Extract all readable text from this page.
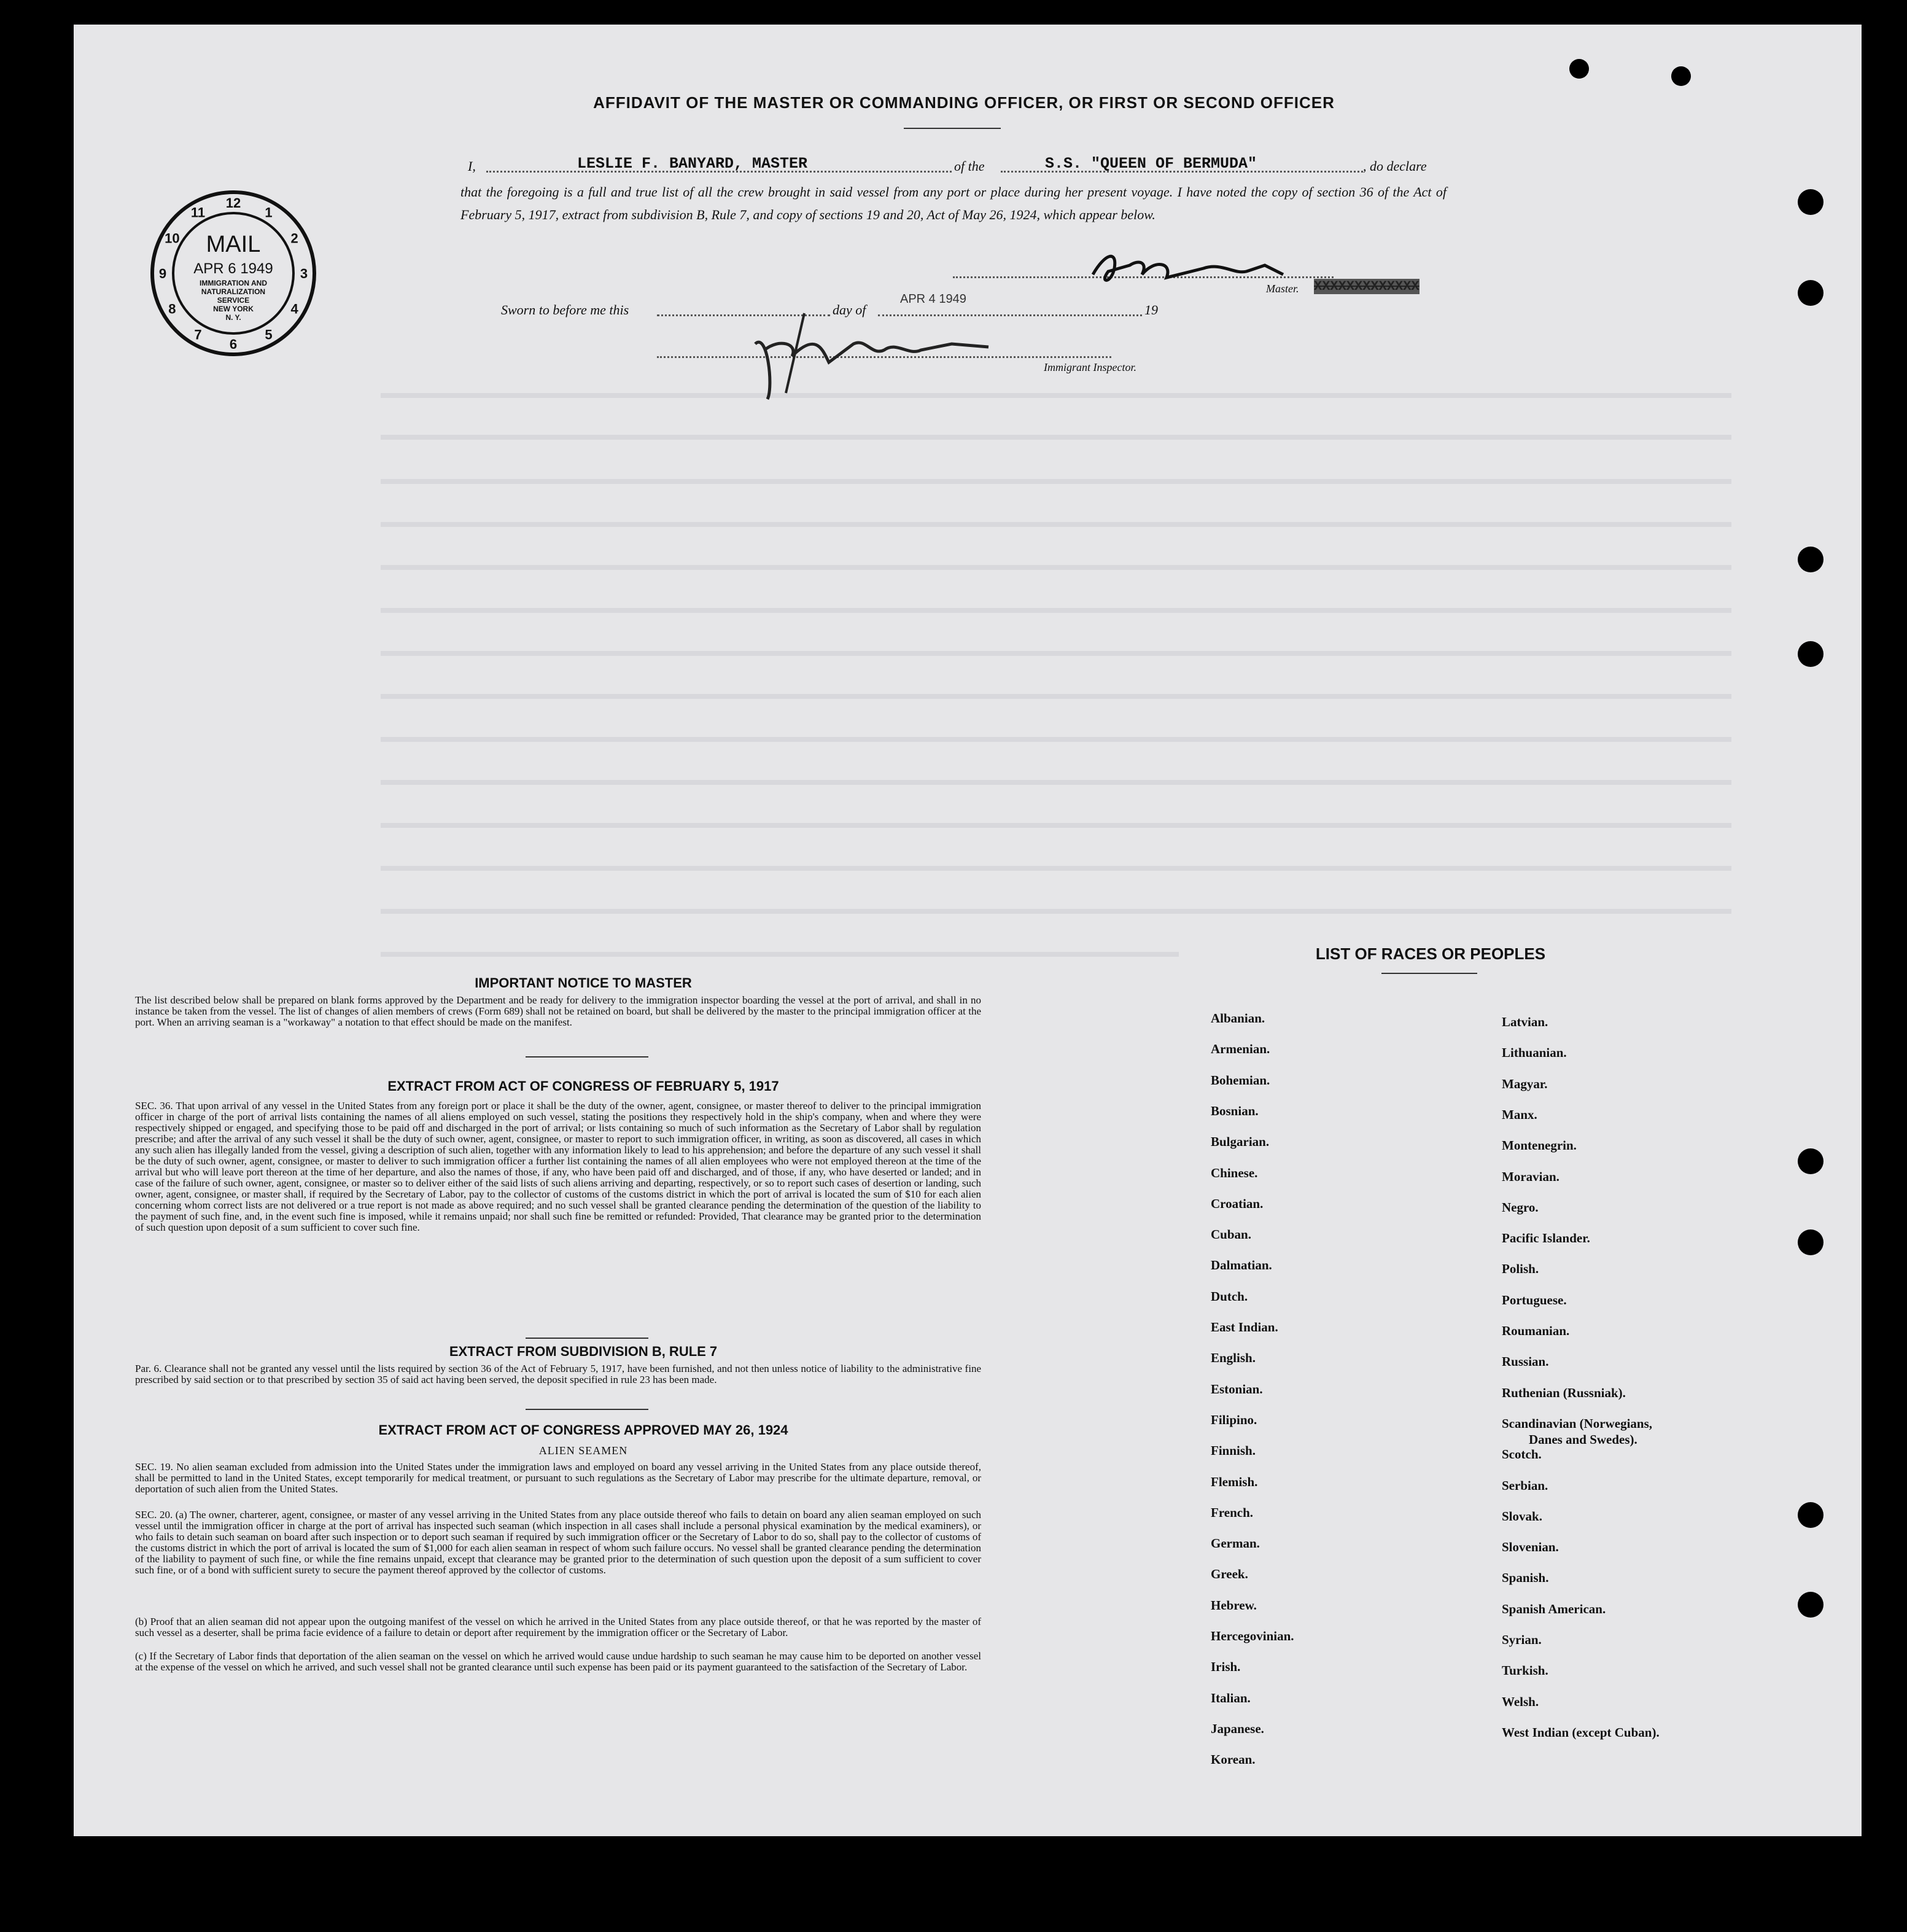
AFFIDAVIT OF THE MASTER OR COMMANDING OFFICER, OR FIRST OR SECOND OFFICER
I,	LESLIE F. BANYARD, MASTER	of the	S.S. "QUEEN OF BERMUDA"	, do declare
that the foregoing is a full and true list of all the crew brought in said vessel from any port or place during her present voyage. I have noted the copy of section 36 of the Act of February 5, 1917, extract from subdivision B, Rule 7, and copy of sections 19 and 20, Act of May 26, 1924, which appear below.
Master. XXXXXXXXXXXXX
Sworn to before me this	day of
APR 4 1949
19
Immigrant Inspector.
1
2
3
4
5
6
7
8
9
10
11
12
MAIL
APR 6 1949
IMMIGRATION AND
NATURALIZATION
SERVICE
NEW YORK
N. Y.
IMPORTANT NOTICE TO MASTER
The list described below shall be prepared on blank forms approved by the Department and be ready for delivery to the immigration inspector boarding the vessel at the port of arrival, and shall in no instance be taken from the vessel. The list of changes of alien members of crews (Form 689) shall not be retained on board, but shall be delivered by the master to the principal immigration officer at the port. When an arriving seaman is a "workaway" a notation to that effect should be made on the manifest.
EXTRACT FROM ACT OF CONGRESS OF FEBRUARY 5, 1917
SEC. 36. That upon arrival of any vessel in the United States from any foreign port or place it shall be the duty of the owner, agent, consignee, or master thereof to deliver to the principal immigration officer in charge of the port of arrival lists containing the names of all aliens employed on such vessel, stating the positions they respectively hold in the ship's company, when and where they were respectively shipped or engaged, and specifying those to be paid off and discharged in the port of arrival; or lists containing so much of such information as the Secretary of Labor shall by regulation prescribe; and after the arrival of any such vessel it shall be the duty of such owner, agent, consignee, or master to report to such immigration officer, in writing, as soon as discovered, all cases in which any such alien has illegally landed from the vessel, giving a description of such alien, together with any information likely to lead to his apprehension; and before the departure of any such vessel it shall be the duty of such owner, agent, consignee, or master to deliver to such immigration officer a further list containing the names of all alien employees who were not employed thereon at the time of the arrival but who will leave port thereon at the time of her departure, and also the names of those, if any, who have been paid off and discharged, and of those, if any, who have deserted or landed; and in case of the failure of such owner, agent, consignee, or master so to deliver either of the said lists of such aliens arriving and departing, respectively, or so to report such cases of desertion or landing, such owner, agent, consignee, or master shall, if required by the Secretary of Labor, pay to the collector of customs of the customs district in which the port of arrival is located the sum of $10 for each alien concerning whom correct lists are not delivered or a true report is not made as above required; and no such vessel shall be granted clearance pending the determination of the question of the liability to the payment of such fine, and, in the event such fine is imposed, while it remains unpaid; nor shall such fine be remitted or refunded: Provided, That clearance may be granted prior to the determination of such question upon deposit of a sum sufficient to cover such fine.
EXTRACT FROM SUBDIVISION B, RULE 7
Par. 6. Clearance shall not be granted any vessel until the lists required by section 36 of the Act of February 5, 1917, have been furnished, and not then unless notice of liability to the administrative fine prescribed by said section or to that prescribed by section 35 of said act having been served, the deposit specified in rule 23 has been made.
EXTRACT FROM ACT OF CONGRESS APPROVED MAY 26, 1924
ALIEN SEAMEN
SEC. 19. No alien seaman excluded from admission into the United States under the immigration laws and employed on board any vessel arriving in the United States from any place outside thereof, shall be permitted to land in the United States, except temporarily for medical treatment, or pursuant to such regulations as the Secretary of Labor may prescribe for the ultimate departure, removal, or deportation of such alien from the United States.
SEC. 20. (a) The owner, charterer, agent, consignee, or master of any vessel arriving in the United States from any place outside thereof who fails to detain on board any alien seaman employed on such vessel until the immigration officer in charge at the port of arrival has inspected such seaman (which inspection in all cases shall include a personal physical examination by the medical examiners), or who fails to detain such seaman on board after such inspection or to deport such seaman if required by such immigration officer or the Secretary of Labor to do so, shall pay to the collector of customs of the customs district in which the port of arrival is located the sum of $1,000 for each alien seaman in respect of whom such failure occurs. No vessel shall be granted clearance pending the determination of the liability to payment of such fine, or while the fine remains unpaid, except that clearance may be granted prior to the determination of such question upon the deposit of a sum sufficient to cover such fine, or of a bond with sufficient surety to secure the payment thereof approved by the collector of customs.
(b) Proof that an alien seaman did not appear upon the outgoing manifest of the vessel on which he arrived in the United States from any place outside thereof, or that he was reported by the master of such vessel as a deserter, shall be prima facie evidence of a failure to detain or deport after requirement by the immigration officer or the Secretary of Labor.
(c) If the Secretary of Labor finds that deportation of the alien seaman on the vessel on which he arrived would cause undue hardship to such seaman he may cause him to be deported on another vessel at the expense of the vessel on which he arrived, and such vessel shall not be granted clearance until such expense has been paid or its payment guaranteed to the satisfaction of the Secretary of Labor.
LIST OF RACES OR PEOPLES
Albanian.
Armenian.
Bohemian.
Bosnian.
Bulgarian.
Chinese.
Croatian.
Cuban.
Dalmatian.
Dutch.
East Indian.
English.
Estonian.
Filipino.
Finnish.
Flemish.
French.
German.
Greek.
Hebrew.
Hercegovinian.
Irish.
Italian.
Japanese.
Korean.
Latvian.
Lithuanian.
Magyar.
Manx.
Montenegrin.
Moravian.
Negro.
Pacific Islander.
Polish.
Portuguese.
Roumanian.
Russian.
Ruthenian (Russniak).
Scandinavian (Norwegians,
Danes and Swedes).
Scotch.
Serbian.
Slovak.
Slovenian.
Spanish.
Spanish American.
Syrian.
Turkish.
Welsh.
West Indian (except Cuban).
